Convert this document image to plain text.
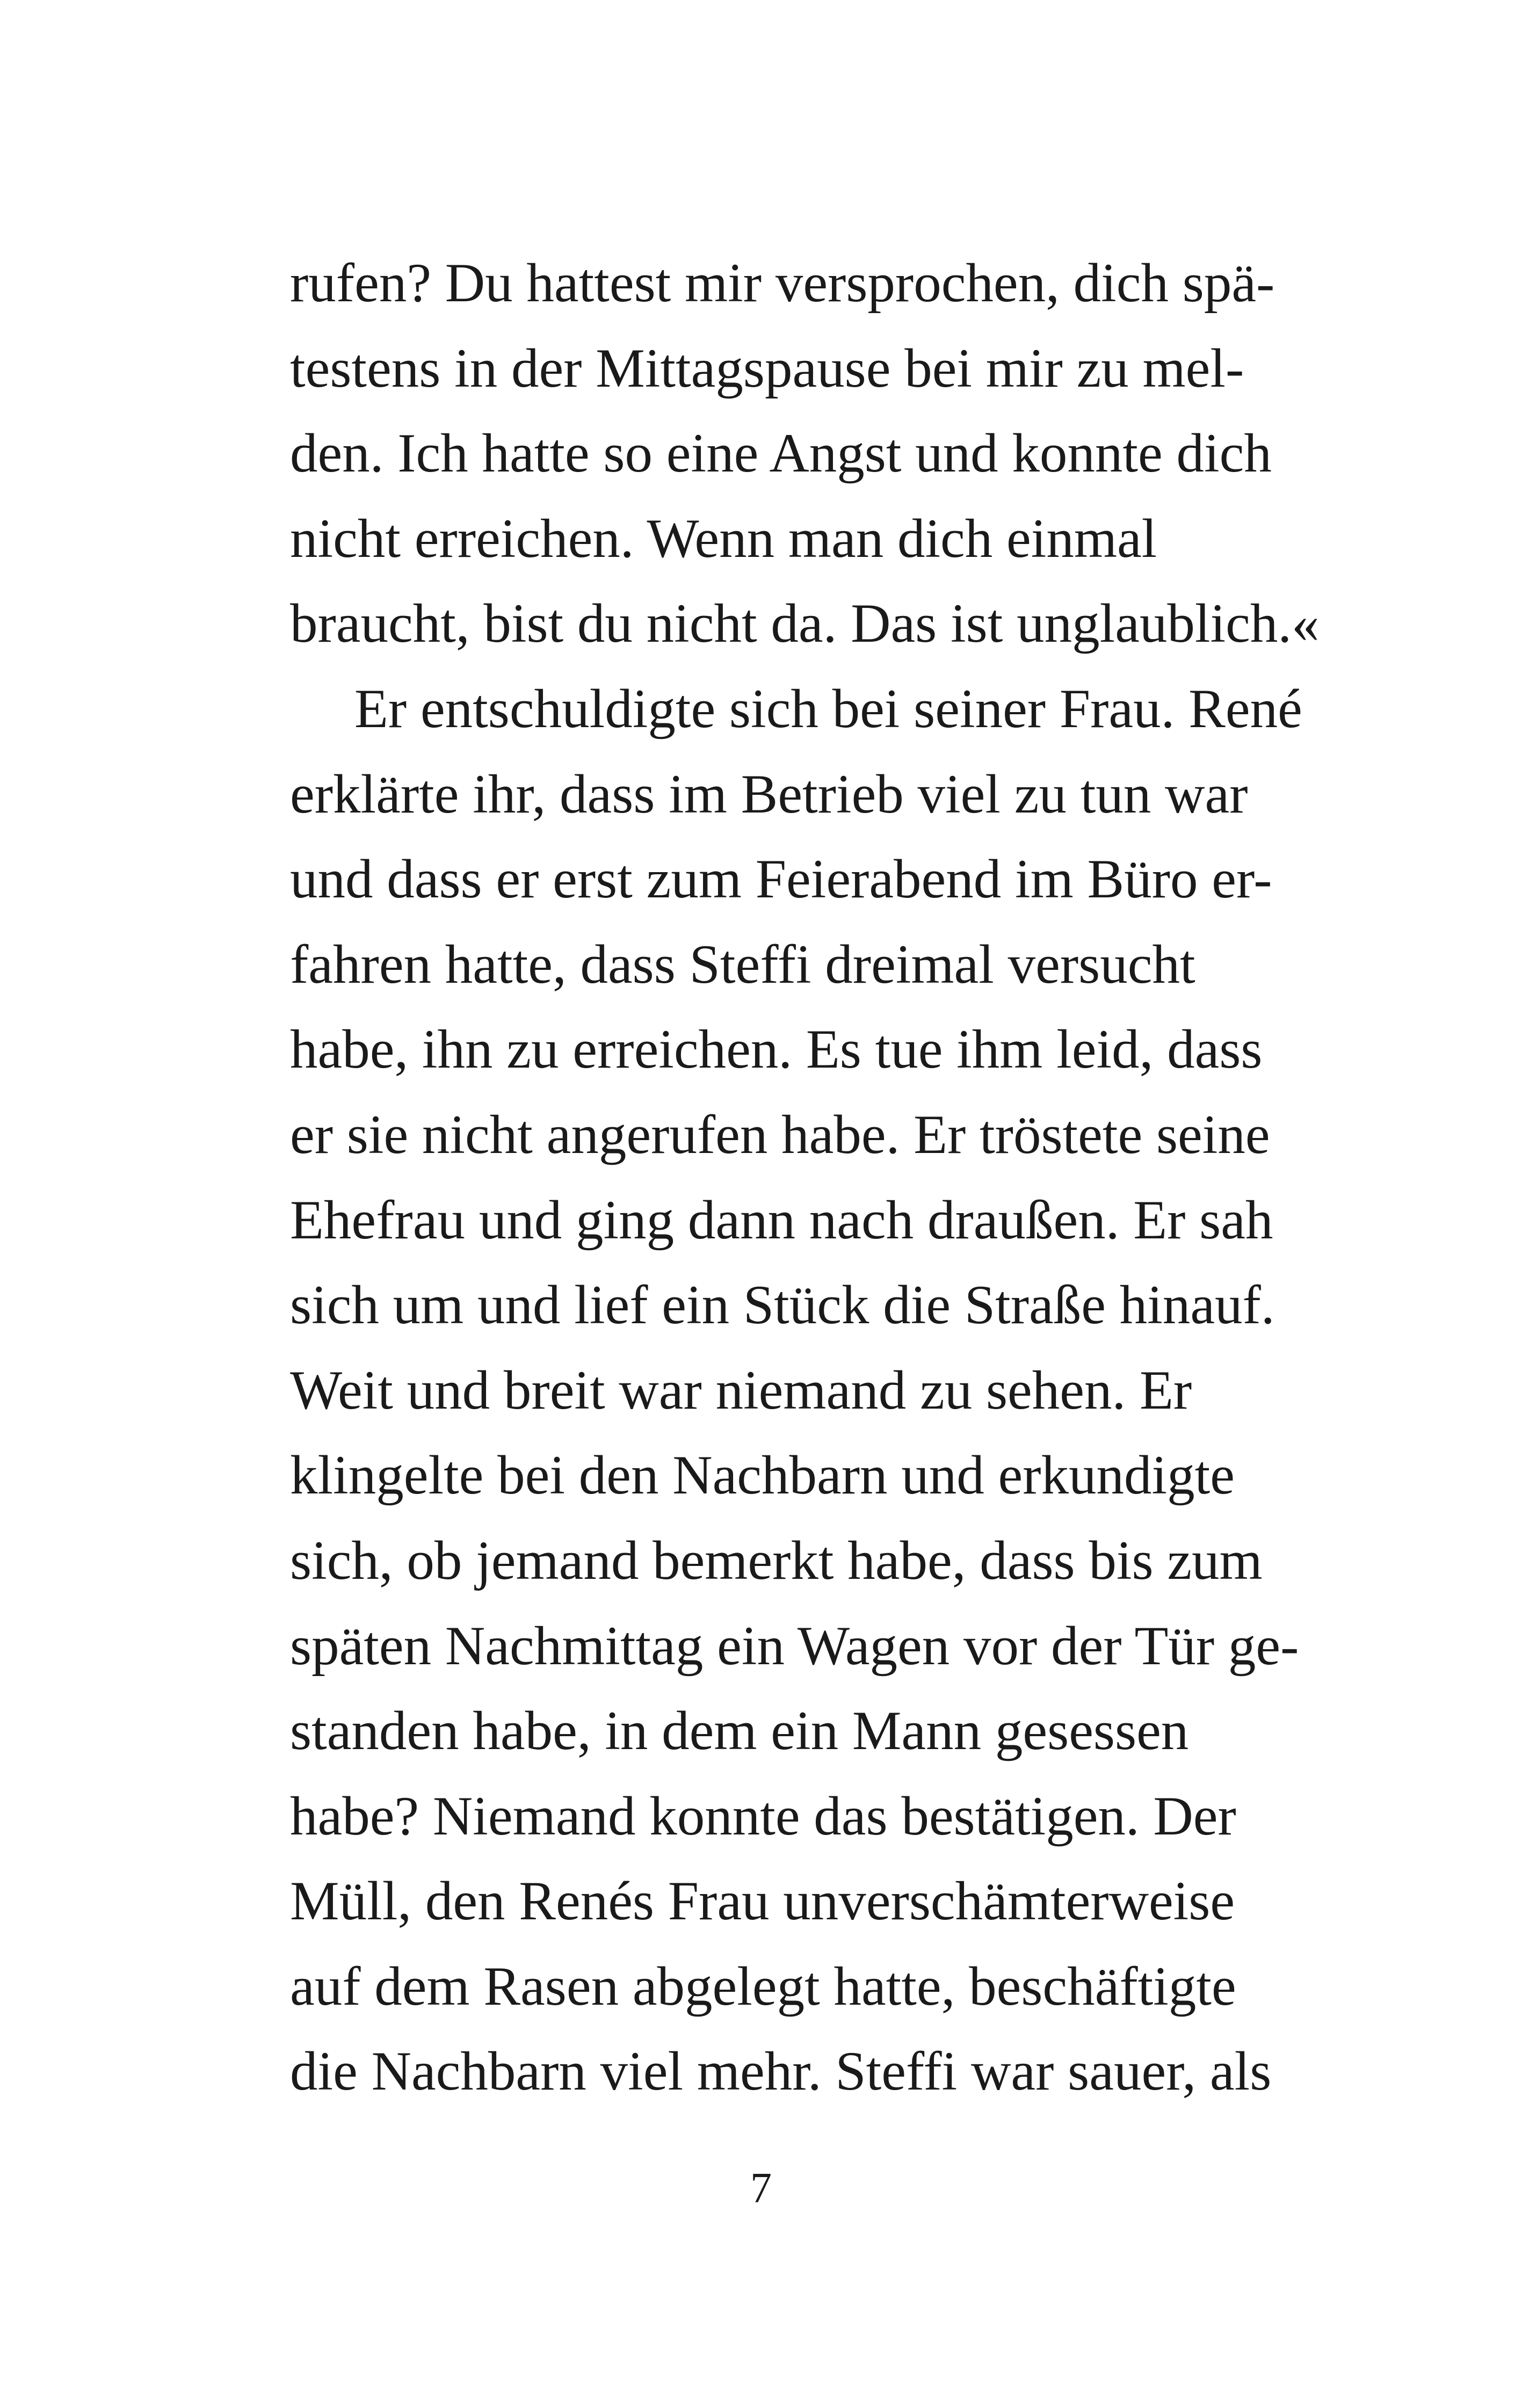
rufen? Du hattest mir versprochen, dich spä-
testens in der Mittagspause bei mir zu mel-
den. Ich hatte so eine Angst und konnte dich
nicht erreichen. Wenn man dich einmal
braucht, bist du nicht da. Das ist unglaublich.«
Er entschuldigte sich bei seiner Frau. René
erklärte ihr, dass im Betrieb viel zu tun war
und dass er erst zum Feierabend im Büro er-
fahren hatte, dass Steffi dreimal versucht
habe, ihn zu erreichen. Es tue ihm leid, dass
er sie nicht angerufen habe. Er tröstete seine
Ehefrau und ging dann nach draußen. Er sah
sich um und lief ein Stück die Straße hinauf.
Weit und breit war niemand zu sehen. Er
klingelte bei den Nachbarn und erkundigte
sich, ob jemand bemerkt habe, dass bis zum
späten Nachmittag ein Wagen vor der Tür ge-
standen habe, in dem ein Mann gesessen
habe? Niemand konnte das bestätigen. Der
Müll, den Renés Frau unverschämterweise
auf dem Rasen abgelegt hatte, beschäftigte
die Nachbarn viel mehr. Steffi war sauer, als
7
